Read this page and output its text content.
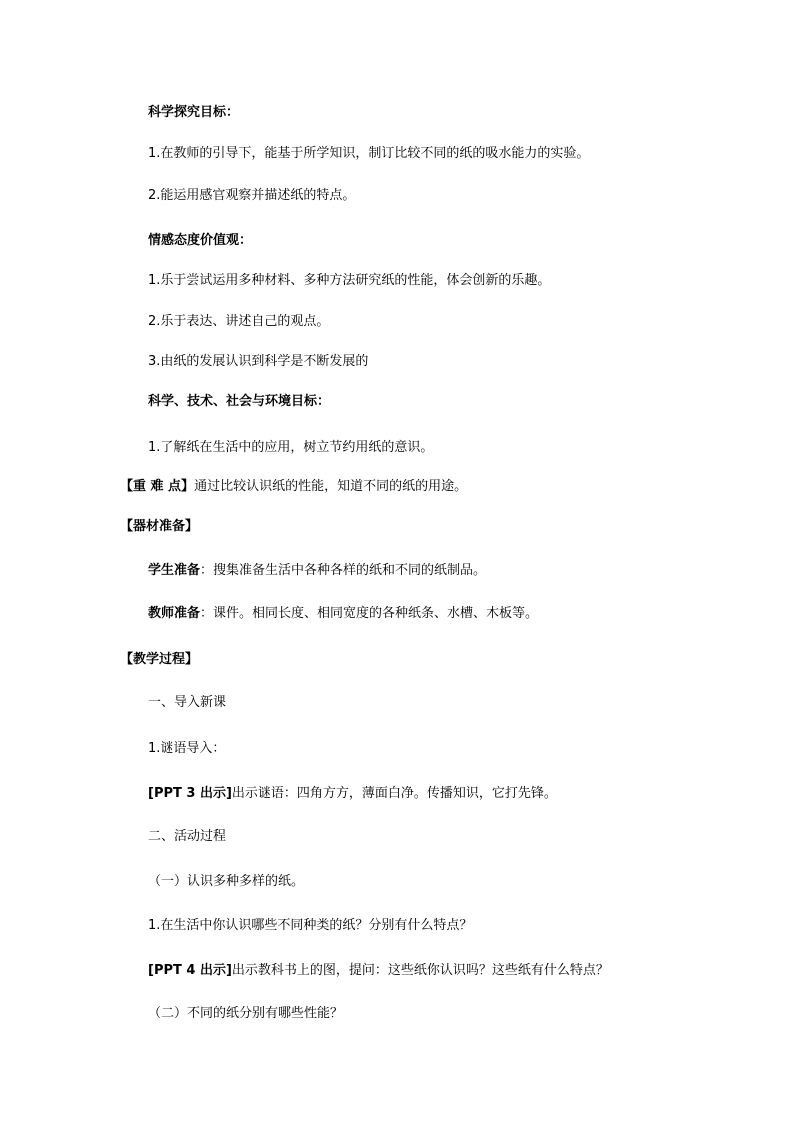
科学探究目标：
1.在教师的引导下，能基于所学知识，制订比较不同的纸的吸水能力的实验。
2.能运用感官观察并描述纸的特点。
情感态度价值观：
1.乐于尝试运用多种材料、多种方法研究纸的性能，体会创新的乐趣。
2.乐于表达、讲述自己的观点。
3.由纸的发展认识到科学是不断发展的
科学、技术、社会与环境目标：
1.了解纸在生活中的应用，树立节约用纸的意识。
【重 难 点】通过比较认识纸的性能，知道不同的纸的用途。
【器材准备】
学生准备：搜集准备生活中各种各样的纸和不同的纸制品。
教师准备：课件。相同长度、相同宽度的各种纸条、水槽、木板等。
【教学过程】
一、导入新课
1.谜语导入：
[PPT 3 出示]出示谜语：四角方方，薄面白净。传播知识，它打先锋。
二、活动过程
（一）认识多种多样的纸。
1.在生活中你认识哪些不同种类的纸？分别有什么特点？
[PPT 4 出示]出示教科书上的图，提问：这些纸你认识吗？这些纸有什么特点？
（二）不同的纸分别有哪些性能？
